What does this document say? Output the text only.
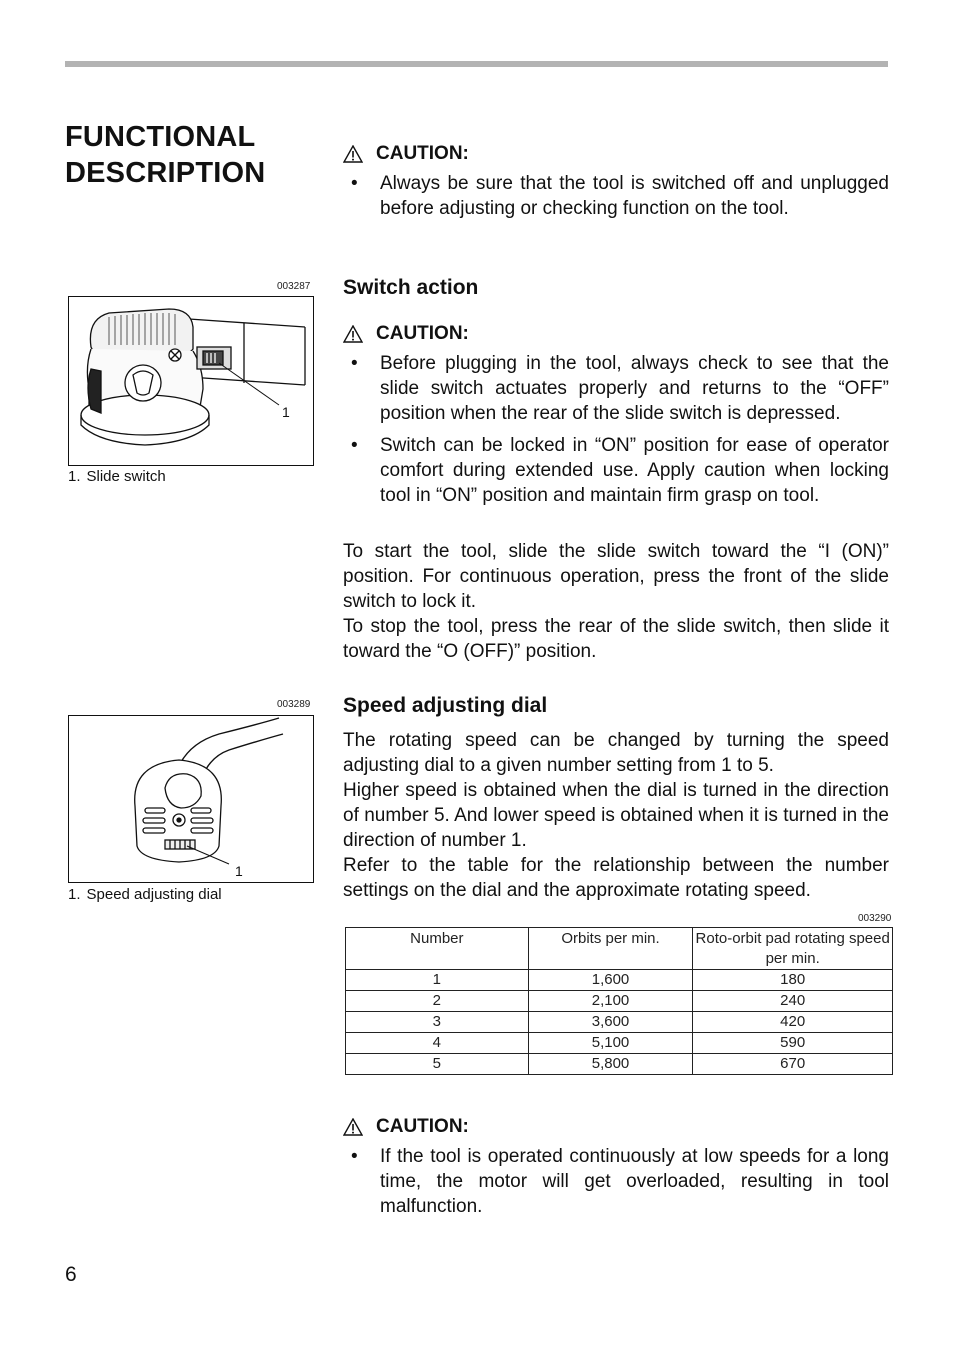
FUNCTIONAL
DESCRIPTION
CAUTION:
• Always be sure that the tool is switched off and unplugged before adjusting or checking function on the tool.
003287
1
1. Slide switch
Switch action
CAUTION:
• Before plugging in the tool, always check to see that the slide switch actuates properly and returns to the “OFF” position when the rear of the slide switch is depressed.
• Switch can be locked in “ON” position for ease of operator comfort during extended use. Apply caution when locking tool in “ON” position and maintain firm grasp on tool.

To start the tool, slide the slide switch toward the “I (ON)” position. For continuous operation, press the front of the slide switch to lock it.

To stop the tool, press the rear of the slide switch, then slide it toward the “O (OFF)” position.

003289
1
1. Speed adjusting dial
Speed adjusting dial

The rotating speed can be changed by turning the speed adjusting dial to a given number setting from 1 to 5.

Higher speed is obtained when the dial is turned in the direction of number 5. And lower speed is obtained when it is turned in the direction of number 1.

Refer to the table for the relationship between the number settings on the dial and the approximate rotating speed.

003290
Number	Orbits per min.	Roto-orbit pad rotating speed per min.
1	1,600	180
2	2,100	240
3	3,600	420
4	5,100	590
5	5,800	670
CAUTION:
• If the tool is operated continuously at low speeds for a long time, the motor will get overloaded, resulting in tool malfunction.
6
